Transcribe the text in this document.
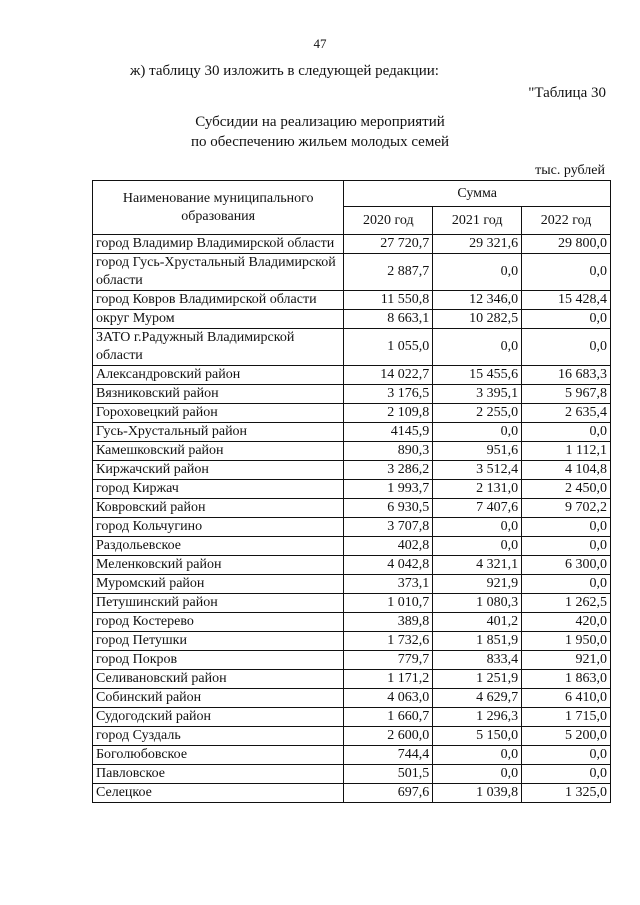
47
ж) таблицу 30 изложить в следующей редакции:
"Таблица 30
Субсидии на реализацию мероприятий
по обеспечению жильем молодых семей
тыс. рублей
Наименование муниципального образования	Сумма		
	2020 год	2021 год	2022 год
город Владимир Владимирской области	27 720,7	29 321,6	29 800,0
город Гусь-Хрустальный Владимирской области	2 887,7	0,0	0,0
город Ковров Владимирской области	11 550,8	12 346,0	15 428,4
округ Муром	8 663,1	10 282,5	0,0
ЗАТО г.Радужный Владимирской области	1 055,0	0,0	0,0
Александровский район	14 022,7	15 455,6	16 683,3
Вязниковский район	3 176,5	3 395,1	5 967,8
Гороховецкий район	2 109,8	2 255,0	2 635,4
Гусь-Хрустальный район	4145,9	0,0	0,0
Камешковский район	890,3	951,6	1 112,1
Киржачский район	3 286,2	3 512,4	4 104,8
город Киржач	1 993,7	2 131,0	2 450,0
Ковровский район	6 930,5	7 407,6	9 702,2
город Кольчугино	3 707,8	0,0	0,0
Раздольевское	402,8	0,0	0,0
Меленковский район	4 042,8	4 321,1	6 300,0
Муромский район	373,1	921,9	0,0
Петушинский район	1 010,7	1 080,3	1 262,5
город Костерево	389,8	401,2	420,0
город Петушки	1 732,6	1 851,9	1 950,0
город Покров	779,7	833,4	921,0
Селивановский район	1 171,2	1 251,9	1 863,0
Собинский район	4 063,0	4 629,7	6 410,0
Судогодский район	1 660,7	1 296,3	1 715,0
город Суздаль	2 600,0	5 150,0	5 200,0
Боголюбовское	744,4	0,0	0,0
Павловское	501,5	0,0	0,0
Селецкое	697,6	1 039,8	1 325,0
